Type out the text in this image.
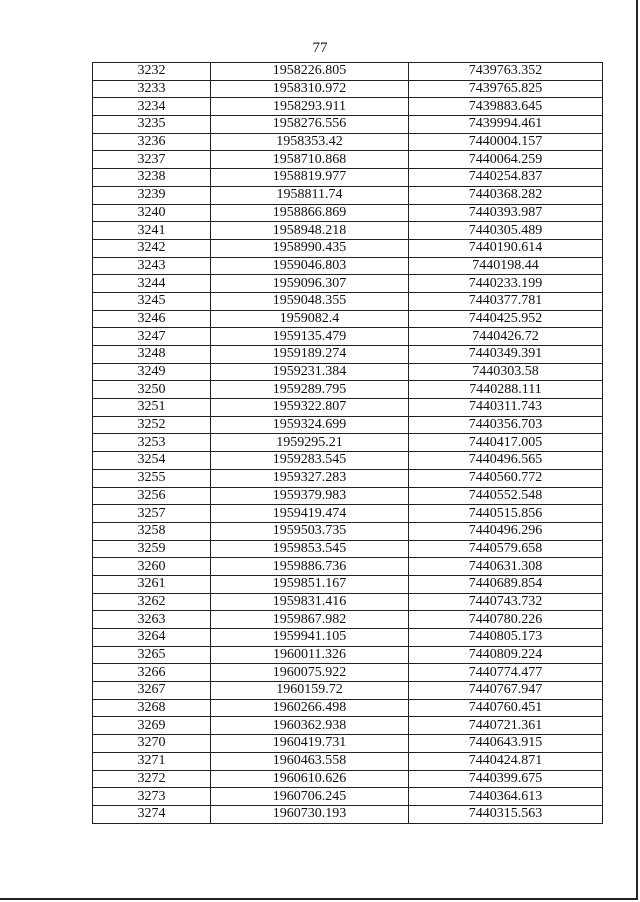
77
3232	1958226.805	7439763.352
3233	1958310.972	7439765.825
3234	1958293.911	7439883.645
3235	1958276.556	7439994.461
3236	1958353.42	7440004.157
3237	1958710.868	7440064.259
3238	1958819.977	7440254.837
3239	1958811.74	7440368.282
3240	1958866.869	7440393.987
3241	1958948.218	7440305.489
3242	1958990.435	7440190.614
3243	1959046.803	7440198.44
3244	1959096.307	7440233.199
3245	1959048.355	7440377.781
3246	1959082.4	7440425.952
3247	1959135.479	7440426.72
3248	1959189.274	7440349.391
3249	1959231.384	7440303.58
3250	1959289.795	7440288.111
3251	1959322.807	7440311.743
3252	1959324.699	7440356.703
3253	1959295.21	7440417.005
3254	1959283.545	7440496.565
3255	1959327.283	7440560.772
3256	1959379.983	7440552.548
3257	1959419.474	7440515.856
3258	1959503.735	7440496.296
3259	1959853.545	7440579.658
3260	1959886.736	7440631.308
3261	1959851.167	7440689.854
3262	1959831.416	7440743.732
3263	1959867.982	7440780.226
3264	1959941.105	7440805.173
3265	1960011.326	7440809.224
3266	1960075.922	7440774.477
3267	1960159.72	7440767.947
3268	1960266.498	7440760.451
3269	1960362.938	7440721.361
3270	1960419.731	7440643.915
3271	1960463.558	7440424.871
3272	1960610.626	7440399.675
3273	1960706.245	7440364.613
3274	1960730.193	7440315.563
